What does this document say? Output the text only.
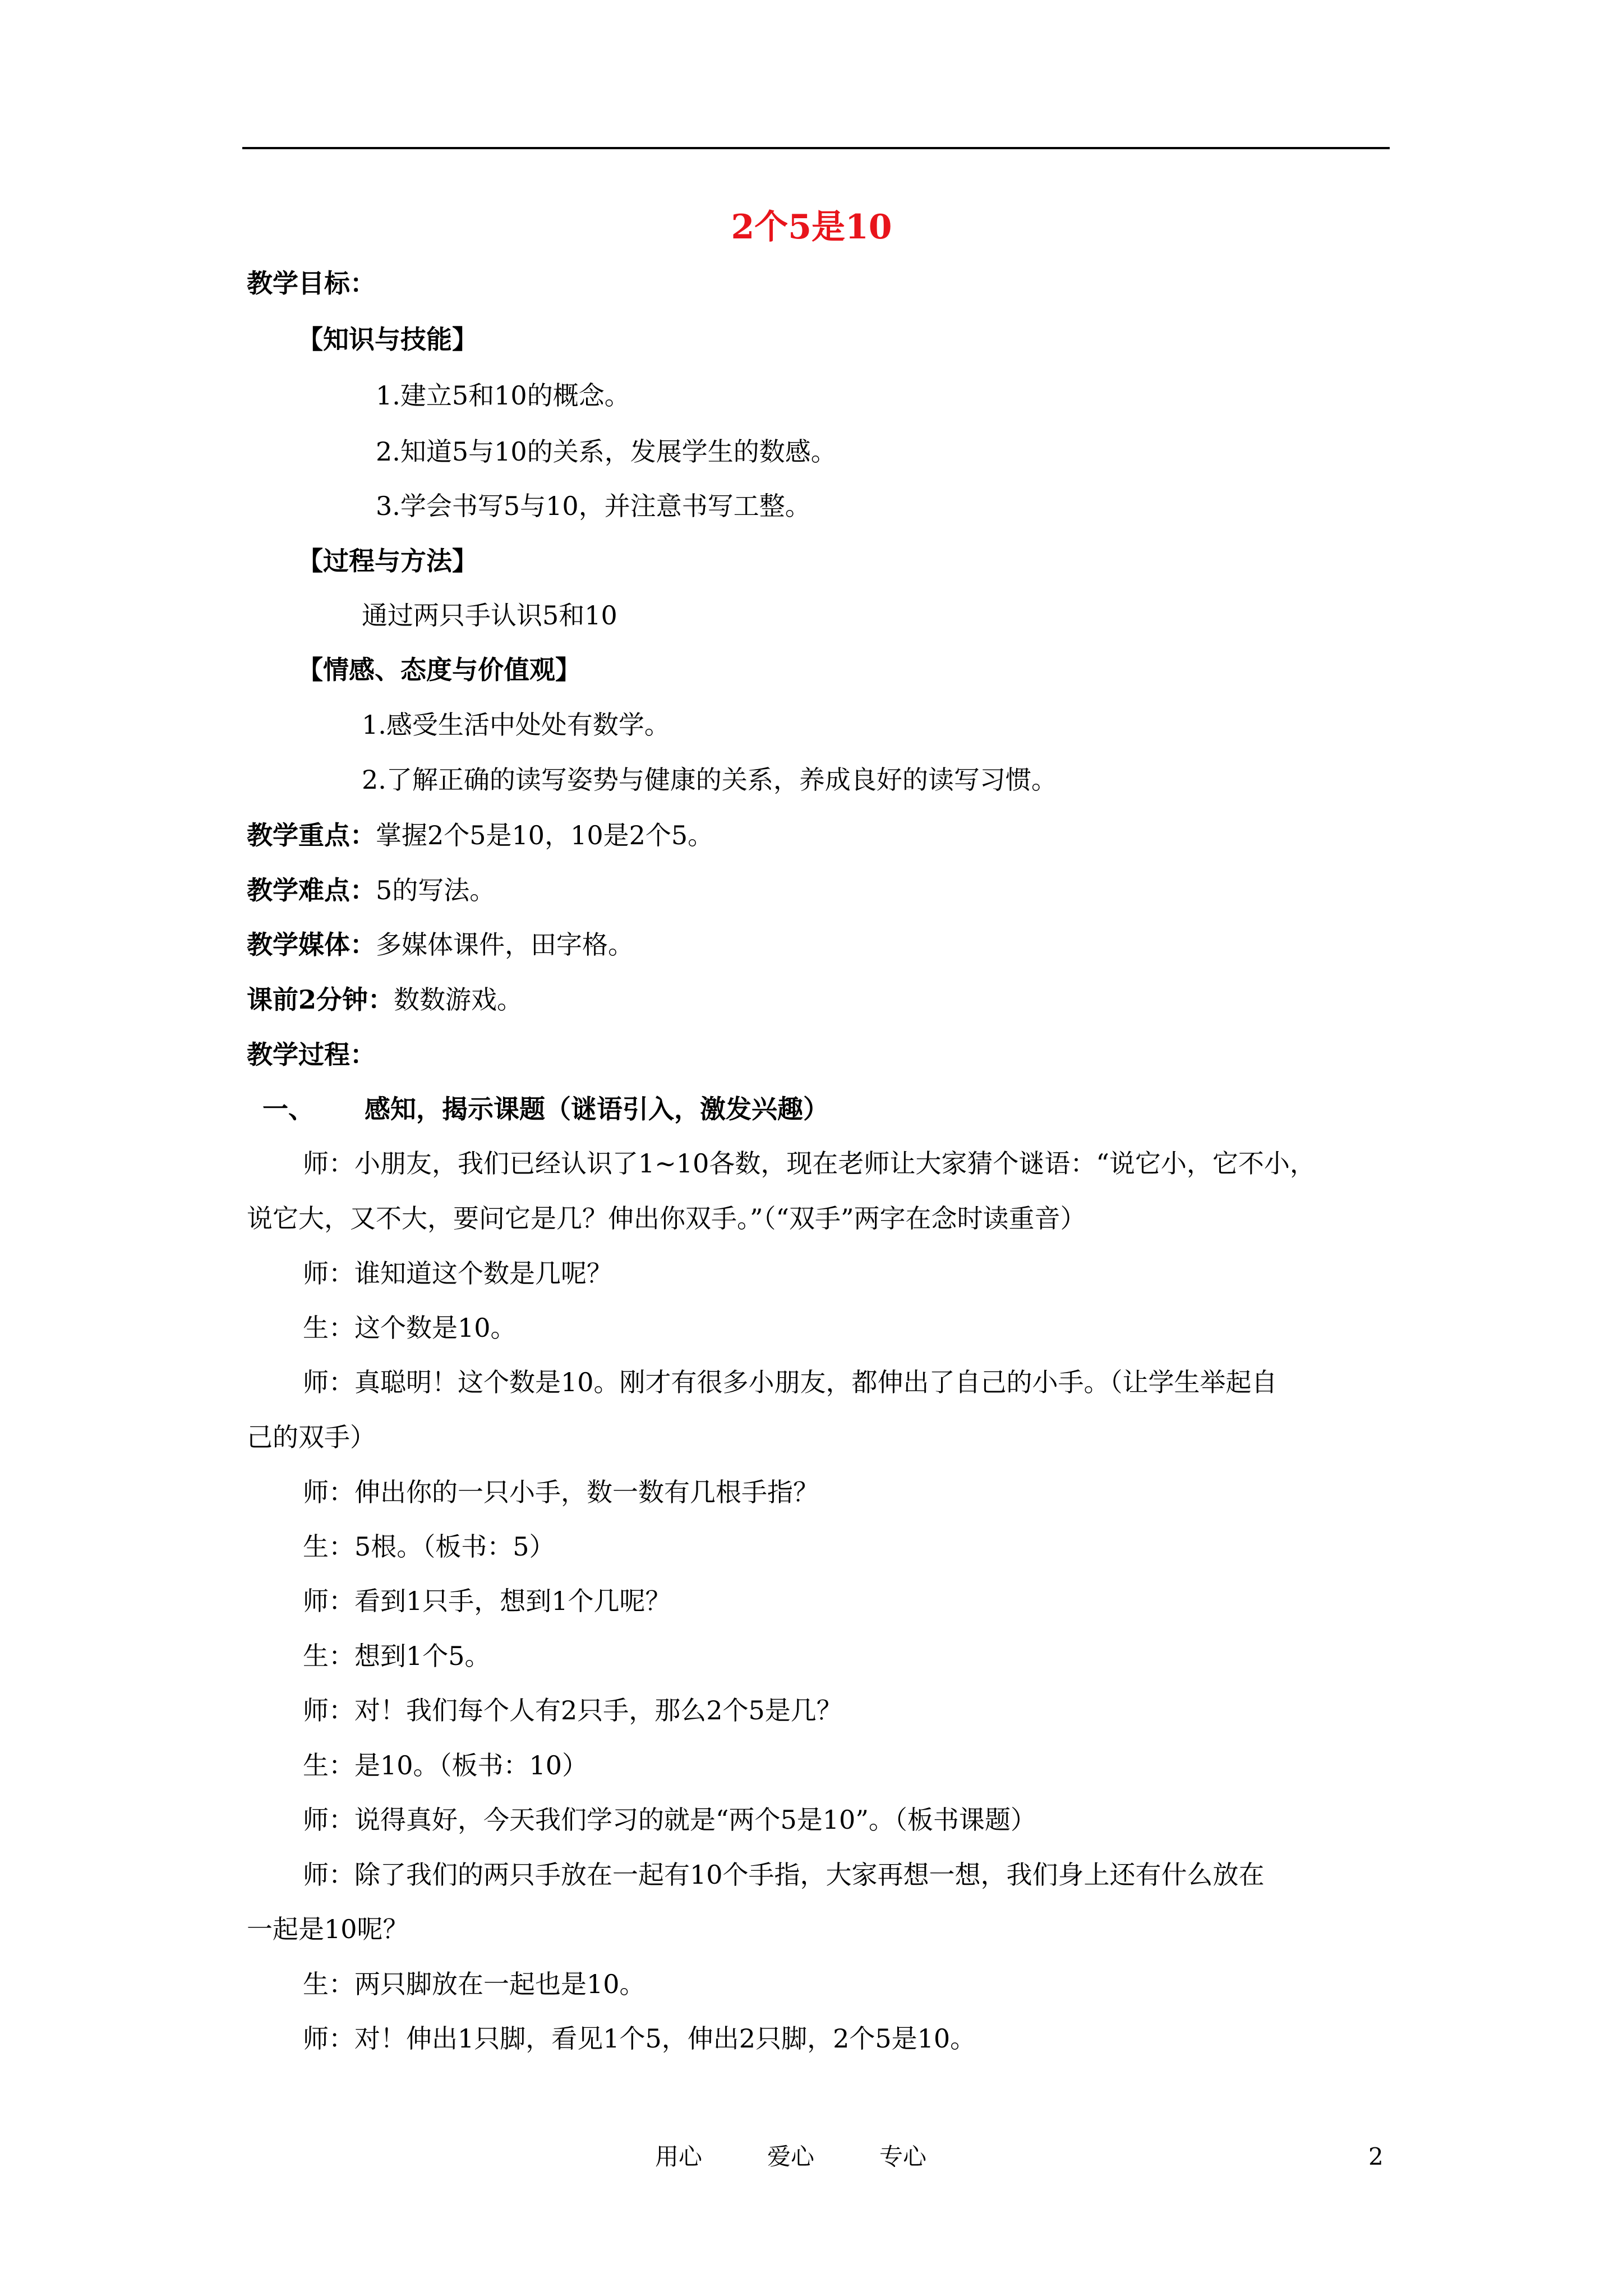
2个5是10
教学目标：
【知识与技能】
1.建立5和10的概念。
2.知道5与10的关系，发展学生的数感。
3.学会书写5与10，并注意书写工整。
【过程与方法】
通过两只手认识5和10
【情感、态度与价值观】
1.感受生活中处处有数学。
2.了解正确的读写姿势与健康的关系，养成良好的读写习惯。
教学重点：掌握2个5是10，10是2个5。
教学难点：5的写法。
教学媒体：多媒体课件，田字格。
课前2分钟：数数游戏。
教学过程：
一、 感知，揭示课题（谜语引入，激发兴趣）
师：小朋友，我们已经认识了1~10各数，现在老师让大家猜个谜语：“说它小，它不小，
说它大，又不大，要问它是几？伸出你双手。”（“双手”两字在念时读重音）
师：谁知道这个数是几呢？
生：这个数是10。
师：真聪明！这个数是10。刚才有很多小朋友，都伸出了自己的小手。（让学生举起自
己的双手）
师：伸出你的一只小手，数一数有几根手指？
生：5根。（板书：5）
师：看到1只手，想到1个几呢？
生：想到1个5。
师：对！我们每个人有2只手，那么2个5是几？
生：是10。（板书：10）
师：说得真好，今天我们学习的就是“两个5是10”。（板书课题）
师：除了我们的两只手放在一起有10个手指，大家再想一想，我们身上还有什么放在
一起是10呢？
生：两只脚放在一起也是10。
师：对！伸出1只脚，看见1个5，伸出2只脚，2个5是10。
用心	爱心	专心	2
